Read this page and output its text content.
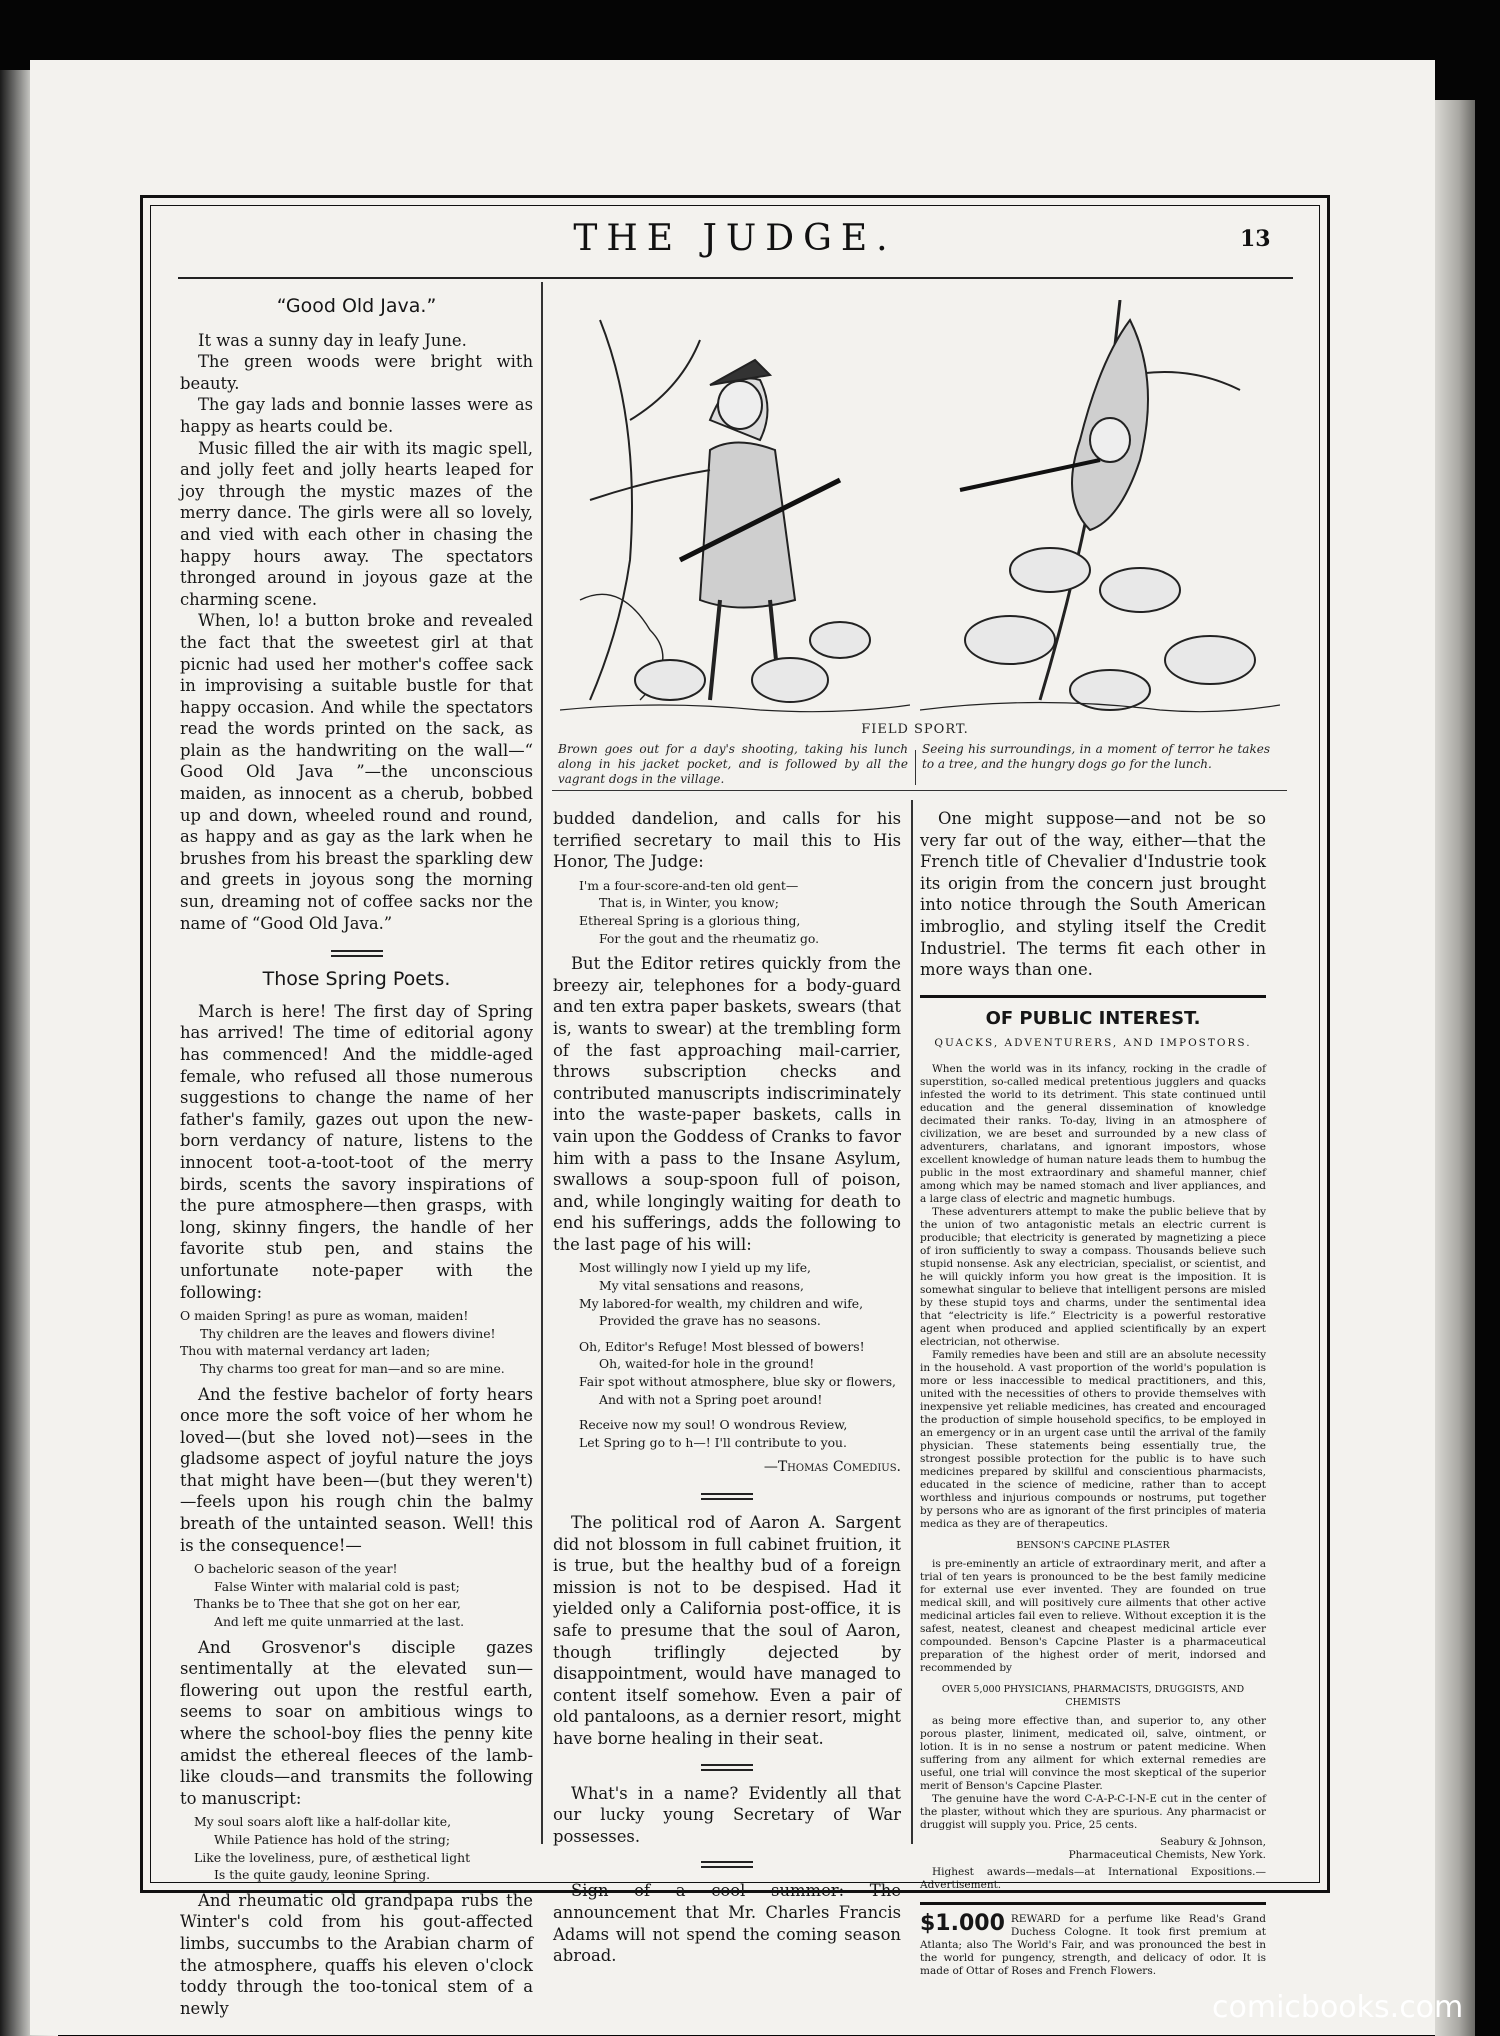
THE JUDGE.	13
“Good Old Java.”

It was a sunny day in leafy June.

The green woods were bright with beauty.

The gay lads and bonnie lasses were as happy as hearts could be.

Music filled the air with its magic spell, and jolly feet and jolly hearts leaped for joy through the mystic mazes of the merry dance. The girls were all so lovely, and vied with each other in chasing the happy hours away. The spectators thronged around in joyous gaze at the charming scene.

When, lo! a button broke and revealed the fact that the sweetest girl at that picnic had used her mother's coffee sack in improvising a suitable bustle for that happy occasion. And while the spectators read the words printed on the sack, as plain as the handwriting on the wall—“ Good Old Java ”—the unconscious maiden, as innocent as a cherub, bobbed up and down, wheeled round and round, as happy and as gay as the lark when he brushes from his breast the sparkling dew and greets in joyous song the morning sun, dreaming not of coffee sacks nor the name of “Good Old Java.”

Those Spring Poets.

March is here! The first day of Spring has arrived! The time of editorial agony has commenced! And the middle-aged female, who refused all those numerous suggestions to change the name of her father's family, gazes out upon the new-born verdancy of nature, listens to the innocent toot-a-toot-toot of the merry birds, scents the savory inspirations of the pure atmosphere—then grasps, with long, skinny fingers, the handle of her favorite stub pen, and stains the unfortunate note-paper with the following:

O maiden Spring! as pure as woman, maiden!
Thy children are the leaves and flowers divine!
Thou with maternal verdancy art laden;
Thy charms too great for man—and so are mine.

And the festive bachelor of forty hears once more the soft voice of her whom he loved—(but she loved not)—sees in the gladsome aspect of joyful nature the joys that might have been—(but they weren't)—feels upon his rough chin the balmy breath of the untainted season. Well! this is the consequence!—

O bacheloric season of the year!
False Winter with malarial cold is past;
Thanks be to Thee that she got on her ear,
And left me quite unmarried at the last.

And Grosvenor's disciple gazes sentimentally at the elevated sun—flowering out upon the restful earth, seems to soar on ambitious wings to where the school-boy flies the penny kite amidst the ethereal fleeces of the lamb-like clouds—and transmits the following to manuscript:

My soul soars aloft like a half-dollar kite,
While Patience has hold of the string;
Like the loveliness, pure, of æsthetical light
Is the quite gaudy, leonine Spring.

And rheumatic old grandpapa rubs the Winter's cold from his gout-affected limbs, succumbs to the Arabian charm of the atmosphere, quaffs his eleven o'clock toddy through the too-tonical stem of a newly

FIELD SPORT.
Brown goes out for a day's shooting, taking his lunch along in his jacket pocket, and is followed by all the vagrant dogs in the village.
Seeing his surroundings, in a moment of terror he takes to a tree, and the hungry dogs go for the lunch.

budded dandelion, and calls for his terrified secretary to mail this to His Honor, The Judge:

I'm a four-score-and-ten old gent—
That is, in Winter, you know;
Ethereal Spring is a glorious thing,
For the gout and the rheumatiz go.

But the Editor retires quickly from the breezy air, telephones for a body-guard and ten extra paper baskets, swears (that is, wants to swear) at the trembling form of the fast approaching mail-carrier, throws subscription checks and contributed manuscripts indiscriminately into the waste-paper baskets, calls in vain upon the Goddess of Cranks to favor him with a pass to the Insane Asylum, swallows a soup-spoon full of poison, and, while longingly waiting for death to end his sufferings, adds the following to the last page of his will:

Most willingly now I yield up my life,
My vital sensations and reasons,
My labored-for wealth, my children and wife,
Provided the grave has no seasons.
Oh, Editor's Refuge! Most blessed of bowers!
Oh, waited-for hole in the ground!
Fair spot without atmosphere, blue sky or flowers,
And with not a Spring poet around!
Receive now my soul! O wondrous Review,
Let Spring go to h—! I'll contribute to you.
—Thomas Comedius.

The political rod of Aaron A. Sargent did not blossom in full cabinet fruition, it is true, but the healthy bud of a foreign mission is not to be despised. Had it yielded only a California post-office, it is safe to presume that the soul of Aaron, though triflingly dejected by disappointment, would have managed to content itself somehow. Even a pair of old pantaloons, as a dernier resort, might have borne healing in their seat.

What's in a name? Evidently all that our lucky young Secretary of War possesses.

Sign of a cool summer: The announcement that Mr. Charles Francis Adams will not spend the coming season abroad.

One might suppose—and not be so very far out of the way, either—that the French title of Chevalier d'Industrie took its origin from the concern just brought into notice through the South American imbroglio, and styling itself the Credit Industriel. The terms fit each other in more ways than one.

OF PUBLIC INTEREST.
QUACKS, ADVENTURERS, AND IMPOSTORS.

When the world was in its infancy, rocking in the cradle of superstition, so-called medical pretentious jugglers and quacks infested the world to its detriment. This state continued until education and the general dissemination of knowledge decimated their ranks. To-day, living in an atmosphere of civilization, we are beset and surrounded by a new class of adventurers, charlatans, and ignorant impostors, whose excellent knowledge of human nature leads them to humbug the public in the most extraordinary and shameful manner, chief among which may be named stomach and liver appliances, and a large class of electric and magnetic humbugs.

These adventurers attempt to make the public believe that by the union of two antagonistic metals an electric current is producible; that electricity is generated by magnetizing a piece of iron sufficiently to sway a compass. Thousands believe such stupid nonsense. Ask any electrician, specialist, or scientist, and he will quickly inform you how great is the imposition. It is somewhat singular to believe that intelligent persons are misled by these stupid toys and charms, under the sentimental idea that “electricity is life.” Electricity is a powerful restorative agent when produced and applied scientifically by an expert electrician, not otherwise.

Family remedies have been and still are an absolute necessity in the household. A vast proportion of the world's population is more or less inaccessible to medical practitioners, and this, united with the necessities of others to provide themselves with inexpensive yet reliable medicines, has created and encouraged the production of simple household specifics, to be employed in an emergency or in an urgent case until the arrival of the family physician. These statements being essentially true, the strongest possible protection for the public is to have such medicines prepared by skillful and conscientious pharmacists, educated in the science of medicine, rather than to accept worthless and injurious compounds or nostrums, put together by persons who are as ignorant of the first principles of materia medica as they are of therapeutics.

BENSON'S CAPCINE PLASTER

is pre-eminently an article of extraordinary merit, and after a trial of ten years is pronounced to be the best family medicine for external use ever invented. They are founded on true medical skill, and will positively cure ailments that other active medicinal articles fail even to relieve. Without exception it is the safest, neatest, cleanest and cheapest medicinal article ever compounded. Benson's Capcine Plaster is a pharmaceutical preparation of the highest order of merit, indorsed and recommended by

OVER 5,000 PHYSICIANS, PHARMACISTS, DRUGGISTS, AND CHEMISTS

as being more effective than, and superior to, any other porous plaster, liniment, medicated oil, salve, ointment, or lotion. It is in no sense a nostrum or patent medicine. When suffering from any ailment for which external remedies are useful, one trial will convince the most skeptical of the superior merit of Benson's Capcine Plaster.

The genuine have the word C-A-P-C-I-N-E cut in the center of the plaster, without which they are spurious. Any pharmacist or druggist will supply you. Price, 25 cents.

Seabury & Johnson,

Pharmaceutical Chemists, New York.

Highest awards—medals—at International Expositions.—Advertisement.

$1.000 REWARD for a perfume like Read's Grand Duchess Cologne. It took first premium at Atlanta; also The World's Fair, and was pronounced the best in the world for pungency, strength, and delicacy of odor. It is made of Ottar of Roses and French Flowers.
comicbooks.com
